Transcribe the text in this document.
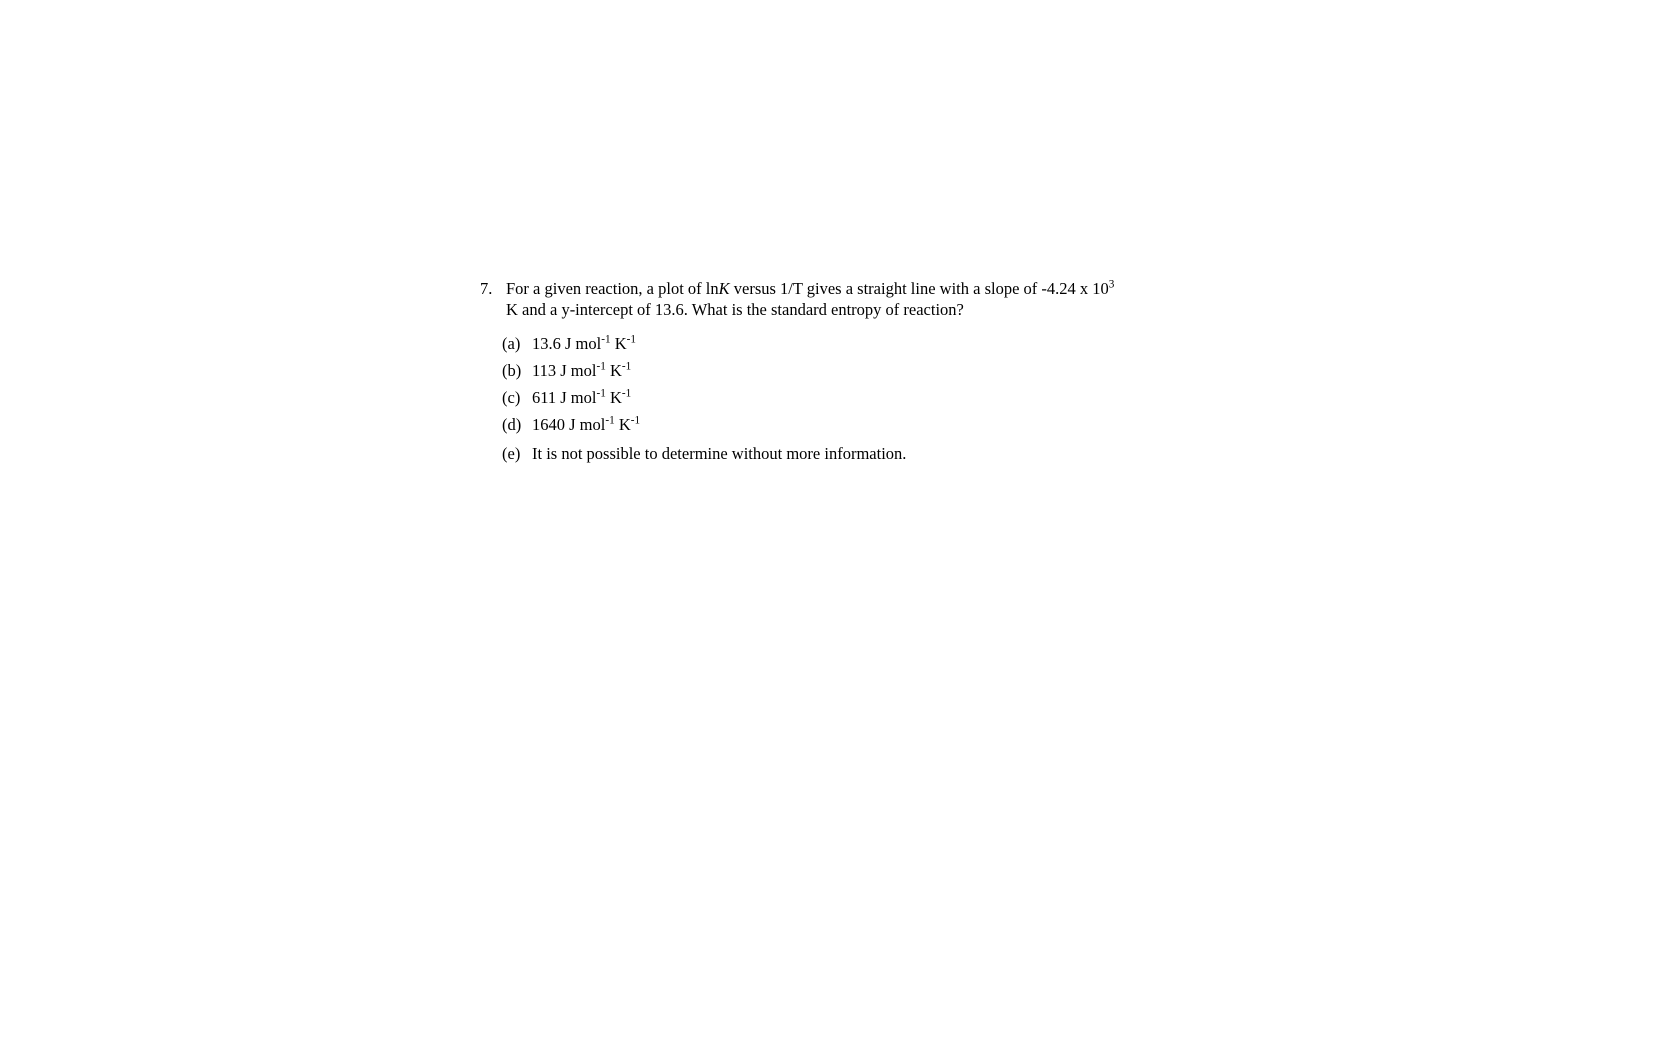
7. For a given reaction, a plot of lnK versus 1/T gives a straight line with a slope of -4.24 x $10^3$ K and a y-intercept of 13.6. What is the standard entropy of reaction?
(a) 13.6 J mol$^{-1}$ $K^{-1}$
(b) 113 J mol$^{-1}$ $K^{-1}$
(c) 611 J mol$^{-1}$ $K^{-1}$
(d) 1640 J mol$^{-1}$ $K^{-1}$
(e) It is not possible to determine without more information.
